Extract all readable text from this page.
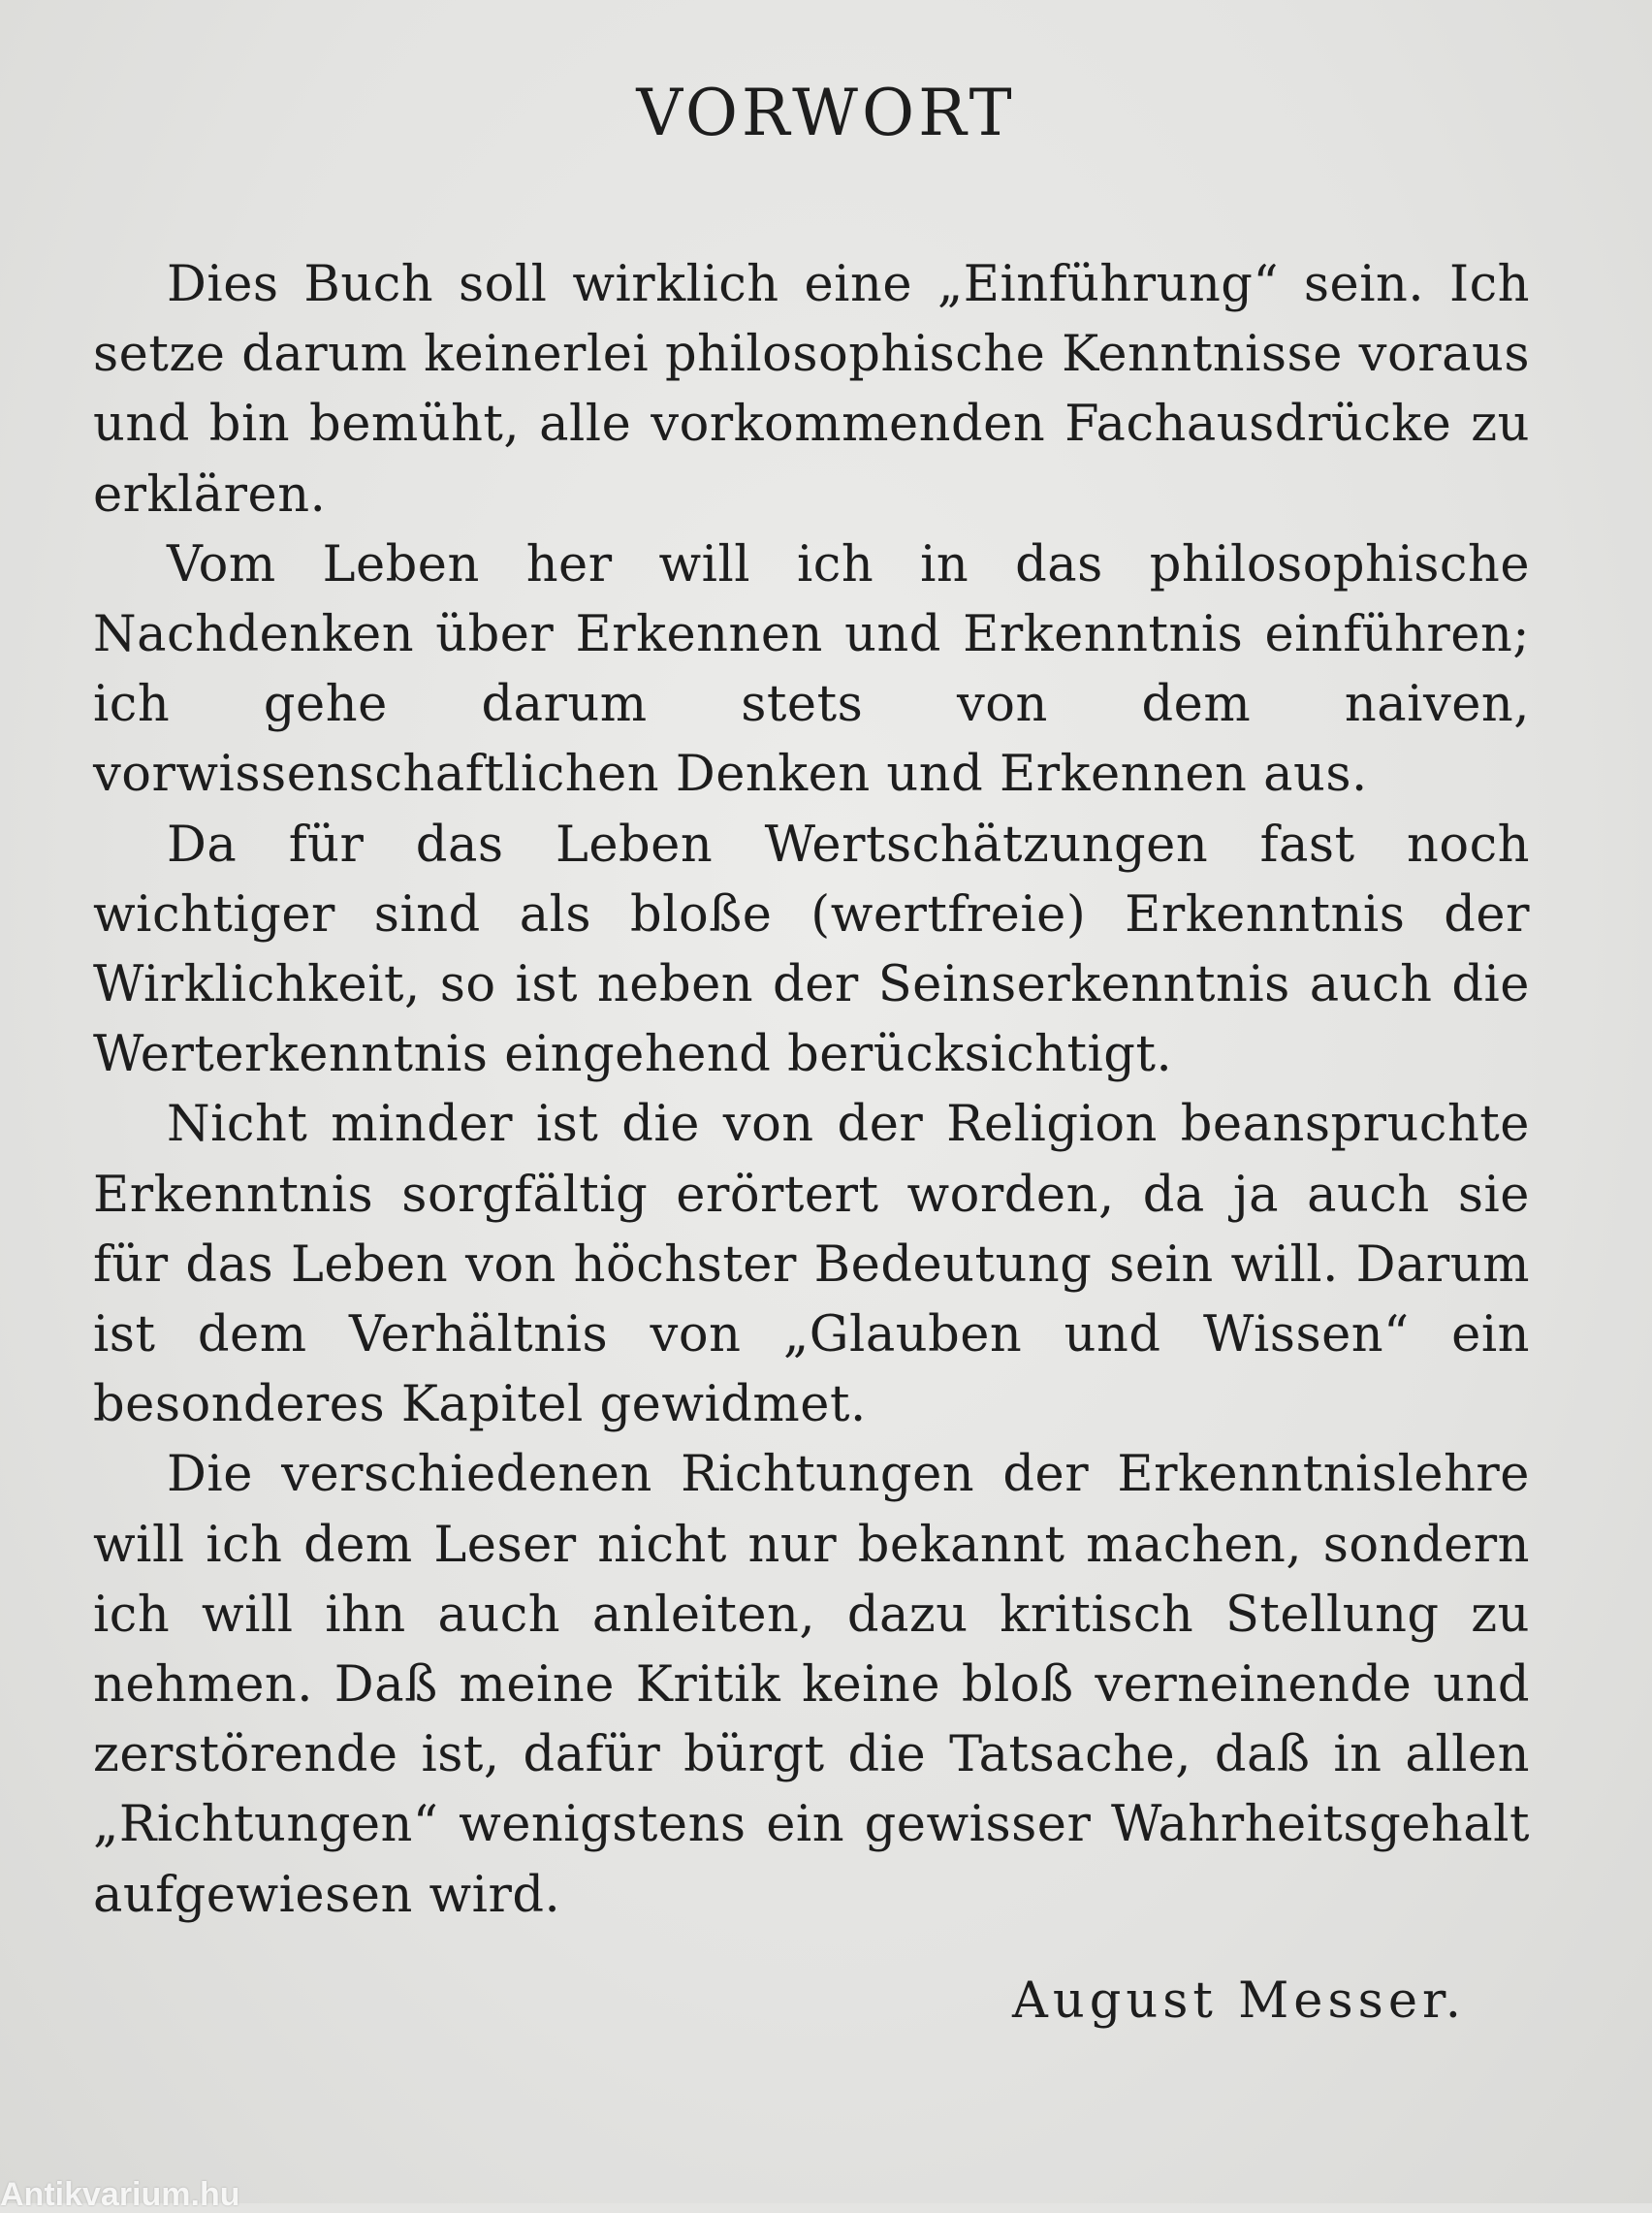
VORWORT

Dies Buch soll wirklich eine „Einführung“ sein. Ich setze darum keinerlei philosophische Kenntnisse voraus und bin bemüht, alle vorkommenden Fachausdrücke zu erklären.

Vom Leben her will ich in das philosophische Nachdenken über Erkennen und Erkenntnis einführen; ich gehe darum stets von dem naiven, vorwissenschaftlichen Denken und Erkennen aus.

Da für das Leben Wertschätzungen fast noch wichtiger sind als bloße (wertfreie) Erkenntnis der Wirklichkeit, so ist neben der Seinserkenntnis auch die Werterkenntnis eingehend berücksichtigt.

Nicht minder ist die von der Religion beanspruchte Erkenntnis sorgfältig erörtert worden, da ja auch sie für das Leben von höchster Bedeutung sein will. Darum ist dem Verhältnis von „Glauben und Wissen“ ein besonderes Kapitel gewidmet.

Die verschiedenen Richtungen der Erkenntnislehre will ich dem Leser nicht nur bekannt machen, sondern ich will ihn auch anleiten, dazu kritisch Stellung zu nehmen. Daß meine Kritik keine bloß verneinende und zerstörende ist, dafür bürgt die Tatsache, daß in allen „Richtungen“ wenigstens ein gewisser Wahrheitsgehalt aufgewiesen wird.

August Messer.

Antikvarium.hu
